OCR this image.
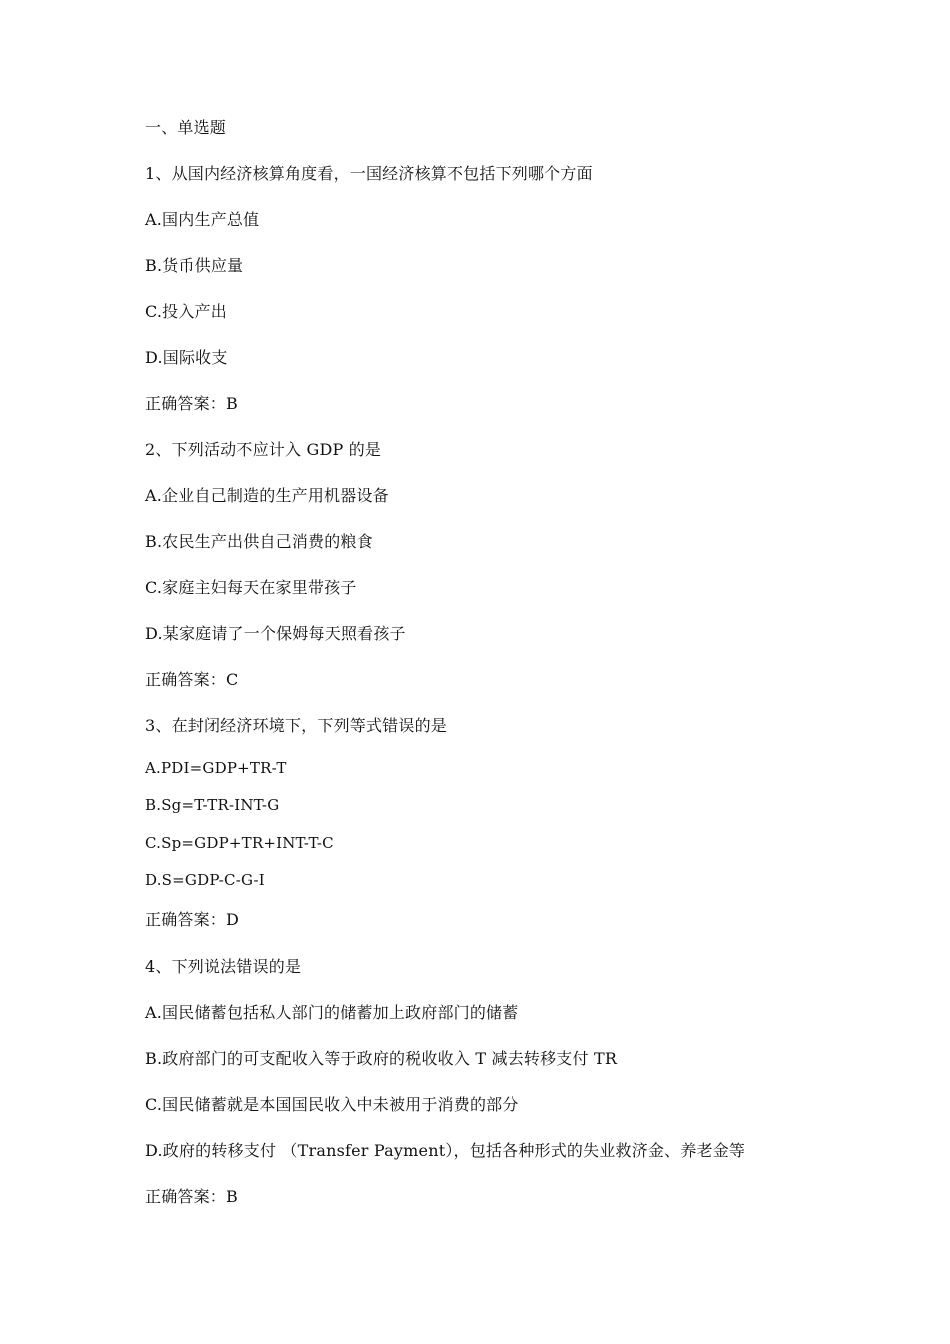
一、单选题
1、从国内经济核算角度看，一国经济核算不包括下列哪个方面
A.国内生产总值
B.货币供应量
C.投入产出
D.国际收支
正确答案：B
2、下列活动不应计入 GDP 的是
A.企业自己制造的生产用机器设备
B.农民生产出供自己消费的粮食
C.家庭主妇每天在家里带孩子
D.某家庭请了一个保姆每天照看孩子
正确答案：C
3、在封闭经济环境下，下列等式错误的是
A.PDI=GDP+TR-T
B.Sg=T-TR-INT-G
C.Sp=GDP+TR+INT-T-C
D.S=GDP-C-G-I
正确答案：D
4、下列说法错误的是
A.国民储蓄包括私人部门的储蓄加上政府部门的储蓄
B.政府部门的可支配收入等于政府的税收收入 T 减去转移支付 TR
C.国民储蓄就是本国国民收入中未被用于消费的部分
D.政府的转移支付 （Transfer Payment），包括各种形式的失业救济金、养老金等
正确答案：B
